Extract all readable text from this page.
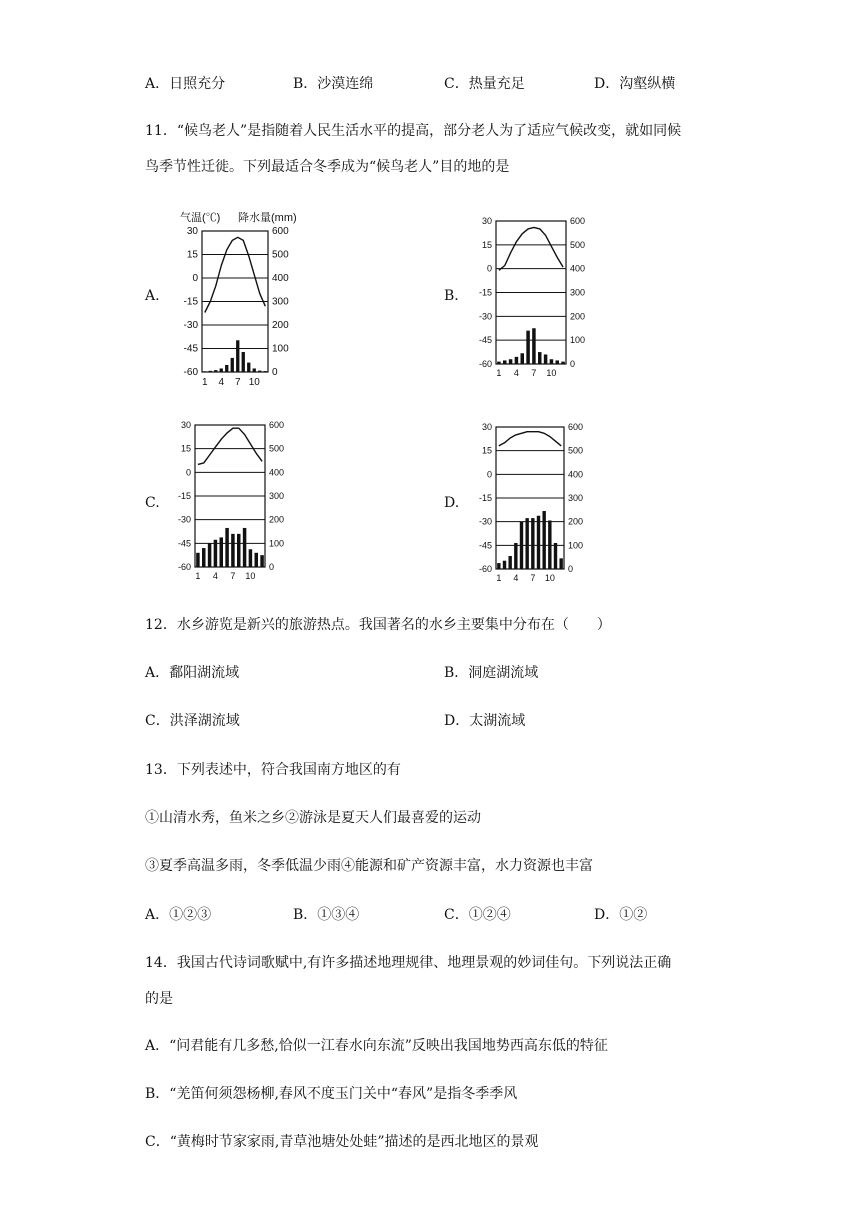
A．日照充分	B．沙漠连绵	C．热量充足	D．沟壑纵横
11．“候鸟老人”是指随着人民生活水平的提高，部分老人为了适应气候改变，就如同候
鸟季节性迁徙。下列最适合冬季成为“候鸟老人”目的地的是
A.	B.
C.	D.
气温(℃) 降水量(mm)
30	600
15	500
0	400
-15	300
-30	200
-45	100
-60	0
1 4 7 10
30	600
15	500
0	400
-15	300
-30	200
-45	100
-60	0
1 4 7 10
30	600
15	500
0	400
-15	300
-30	200
-45	100
-60	0
1 4 7 10
30	600
15	500
0	400
-15	300
-30	200
-45	100
-60	0
1 4 7 10
12．水乡游览是新兴的旅游热点。我国著名的水乡主要集中分布在（　　）
A．鄱阳湖流域	B．洞庭湖流域
C．洪泽湖流域	D．太湖流域
13．下列表述中，符合我国南方地区的有
①山清水秀，鱼米之乡②游泳是夏天人们最喜爱的运动
③夏季高温多雨，冬季低温少雨④能源和矿产资源丰富，水力资源也丰富
A．①②③	B．①③④	C．①②④	D．①②
14．我国古代诗词歌赋中,有许多描述地理规律、地理景观的妙词佳句。下列说法正确
的是
A．“问君能有几多愁,恰似一江春水向东流”反映出我国地势西高东低的特征
B．“羌笛何须怨杨柳,春风不度玉门关中“春风”是指冬季季风
C．“黄梅时节家家雨,青草池塘处处蛙”描述的是西北地区的景观
